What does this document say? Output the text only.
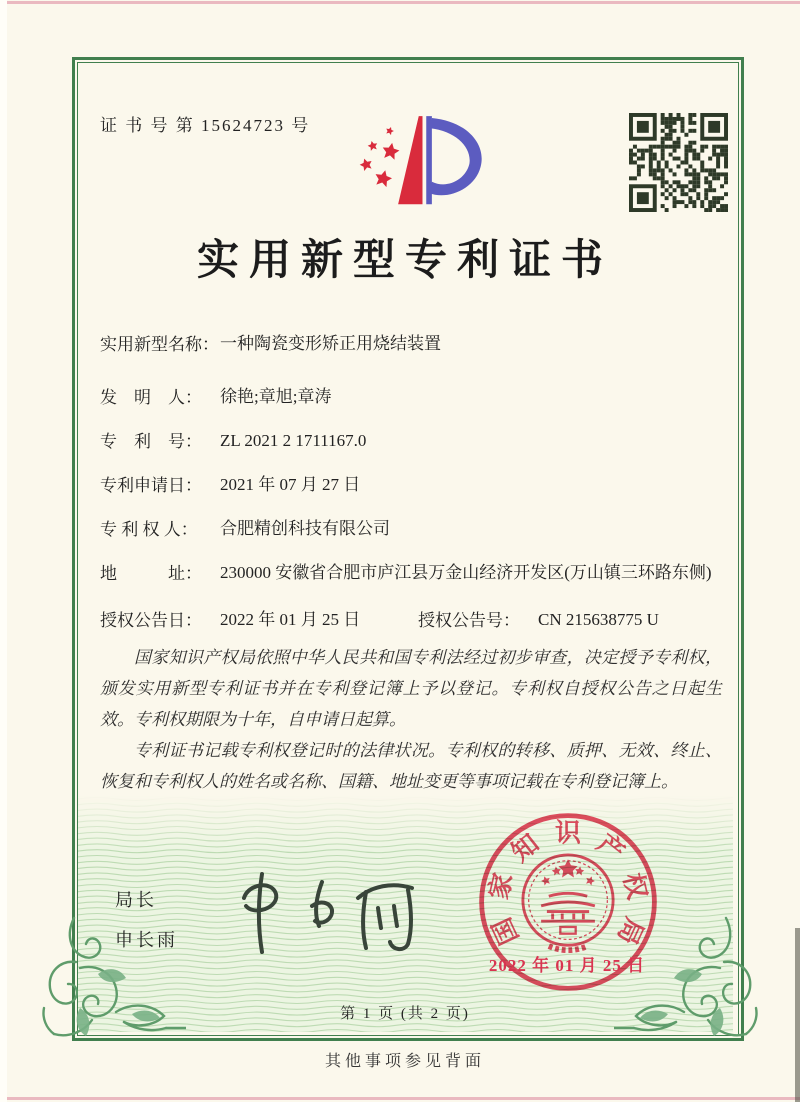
证 书 号 第 15624723 号
实用新型专利证书
实用新型名称： 一种陶瓷变形矫正用烧结装置
发　明　人：	徐艳;章旭;章涛
专　利　号：	ZL 2021 2 1711167.0
专利申请日：	2021 年 07 月 27 日
专 利 权 人：	合肥精创科技有限公司
地　　　址：	230000 安徽省合肥市庐江县万金山经济开发区(万山镇三环路东侧)
授权公告日：	2022 年 01 月 25 日	授权公告号：	CN 215638775 U

国家知识产权局依照中华人民共和国专利法经过初步审查，决定授予专利权，颁发实用新型专利证书并在专利登记簿上予以登记。专利权自授权公告之日起生效。专利权期限为十年，自申请日起算。

专利证书记载专利权登记时的法律状况。专利权的转移、质押、无效、终止、恢复和专利权人的姓名或名称、国籍、地址变更等事项记载在专利登记簿上。

局长
申长雨	国
家
知 识 产
权
局
2022 年 01 月 25 日
第 1 页 (共 2 页)
其他事项参见背面
